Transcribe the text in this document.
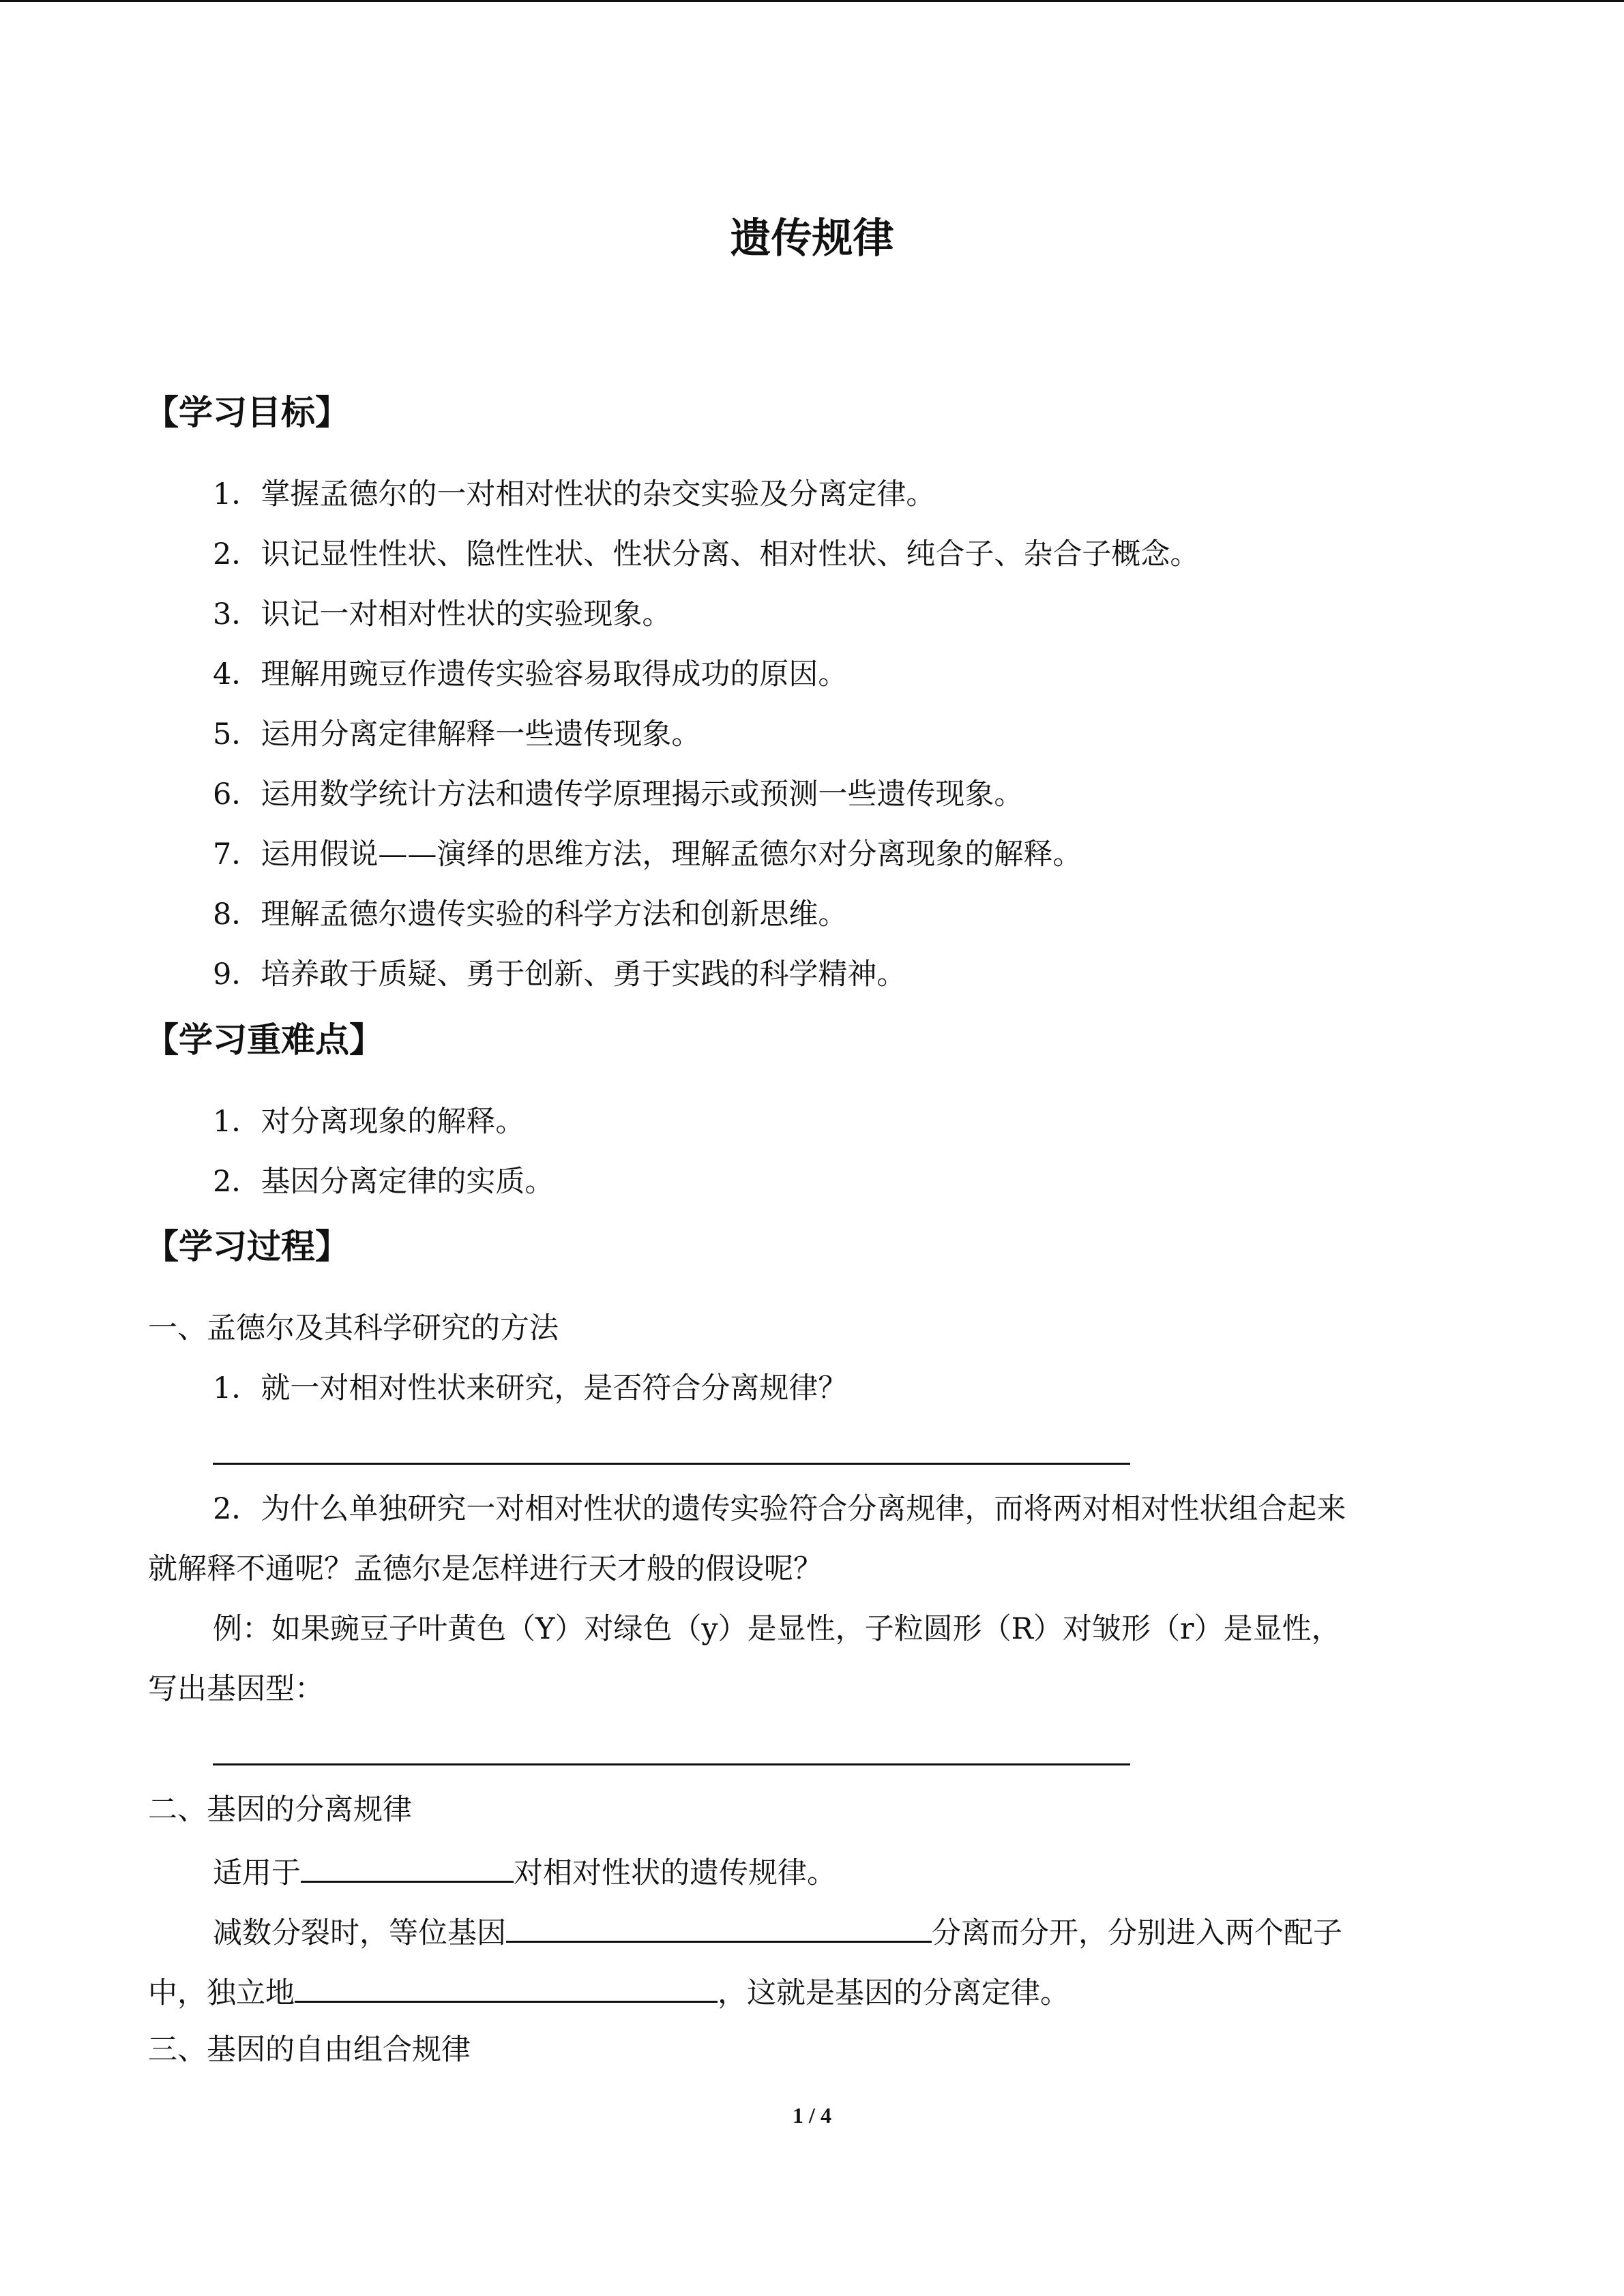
遗传规律
【学习目标】
1．掌握孟德尔的一对相对性状的杂交实验及分离定律。
2．识记显性性状、隐性性状、性状分离、相对性状、纯合子、杂合子概念。
3．识记一对相对性状的实验现象。
4．理解用豌豆作遗传实验容易取得成功的原因。
5．运用分离定律解释一些遗传现象。
6．运用数学统计方法和遗传学原理揭示或预测一些遗传现象。
7．运用假说——演绎的思维方法，理解孟德尔对分离现象的解释。
8．理解孟德尔遗传实验的科学方法和创新思维。
9．培养敢于质疑、勇于创新、勇于实践的科学精神。
【学习重难点】
1．对分离现象的解释。
2．基因分离定律的实质。
【学习过程】
一、孟德尔及其科学研究的方法
1．就一对相对性状来研究，是否符合分离规律？
2．为什么单独研究一对相对性状的遗传实验符合分离规律，而将两对相对性状组合起来
就解释不通呢？孟德尔是怎样进行天才般的假设呢？
例：如果豌豆子叶黄色（Y）对绿色（y）是显性，子粒圆形（R）对皱形（r）是显性，
写出基因型：
二、基因的分离规律
适用于	对相对性状的遗传规律。
减数分裂时，等位基因	分离而分开，分别进入两个配子
中，独立地	，这就是基因的分离定律。
三、基因的自由组合规律
1 / 4
